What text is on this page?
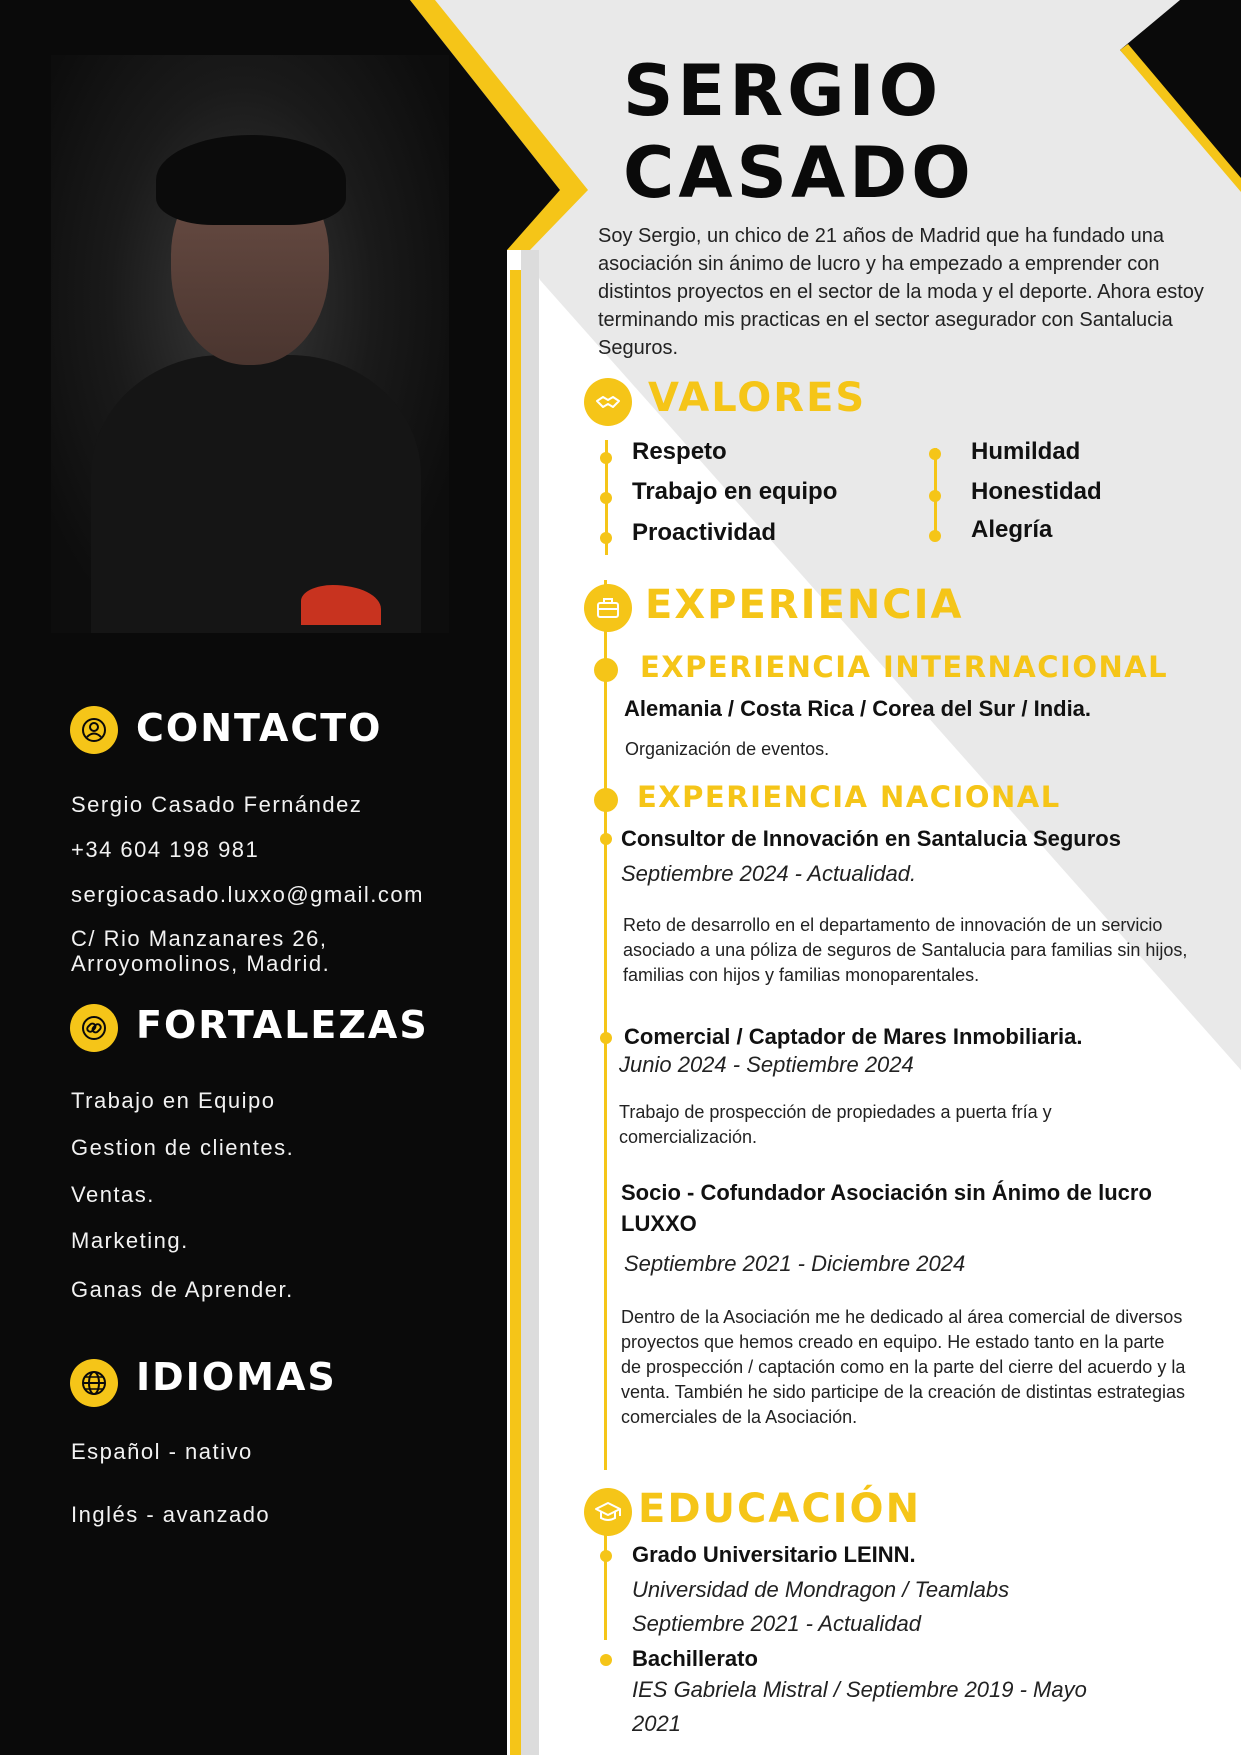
SERGIO
CASADO
Soy Sergio, un chico de 21 años de Madrid que ha fundado una asociación sin ánimo de lucro y ha empezado a emprender con distintos proyectos en el sector de la moda y el deporte. Ahora estoy terminando mis practicas en el sector asegurador con Santalucia Seguros.
CONTACTO
Sergio Casado Fernández
+34 604 198 981
sergiocasado.luxxo@gmail.com
C/ Rio Manzanares 26,
Arroyomolinos, Madrid.
FORTALEZAS
Trabajo en Equipo
Gestion de clientes.
Ventas.
Marketing.
Ganas de Aprender.
IDIOMAS
Español - nativo
Inglés - avanzado
VALORES
Respeto
Trabajo en equipo
Proactividad
Humildad
Honestidad
Alegría
EXPERIENCIA
EXPERIENCIA INTERNACIONAL
Alemania / Costa Rica / Corea del Sur / India.
Organización de eventos.
EXPERIENCIA NACIONAL
Consultor de Innovación en Santalucia Seguros
Septiembre 2024 - Actualidad.
Reto de desarrollo en el departamento de innovación de un servicio asociado a una póliza de seguros de Santalucia para familias sin hijos, familias con hijos y familias monoparentales.
Comercial / Captador de Mares Inmobiliaria.
Junio 2024 - Septiembre 2024
Trabajo de prospección de propiedades a puerta fría y comercialización.
Socio - Cofundador Asociación sin Ánimo de lucro LUXXO
Septiembre 2021 - Diciembre 2024
Dentro de la Asociación me he dedicado al área comercial de diversos proyectos que hemos creado en equipo. He estado tanto en la parte de prospección / captación como en la parte del cierre del acuerdo y la venta. También he sido participe de la creación de distintas estrategias comerciales de la Asociación.
EDUCACIÓN
Grado Universitario LEINN.
Universidad de Mondragon / Teamlabs
Septiembre 2021 - Actualidad
Bachillerato
IES Gabriela Mistral / Septiembre 2019 - Mayo
2021
